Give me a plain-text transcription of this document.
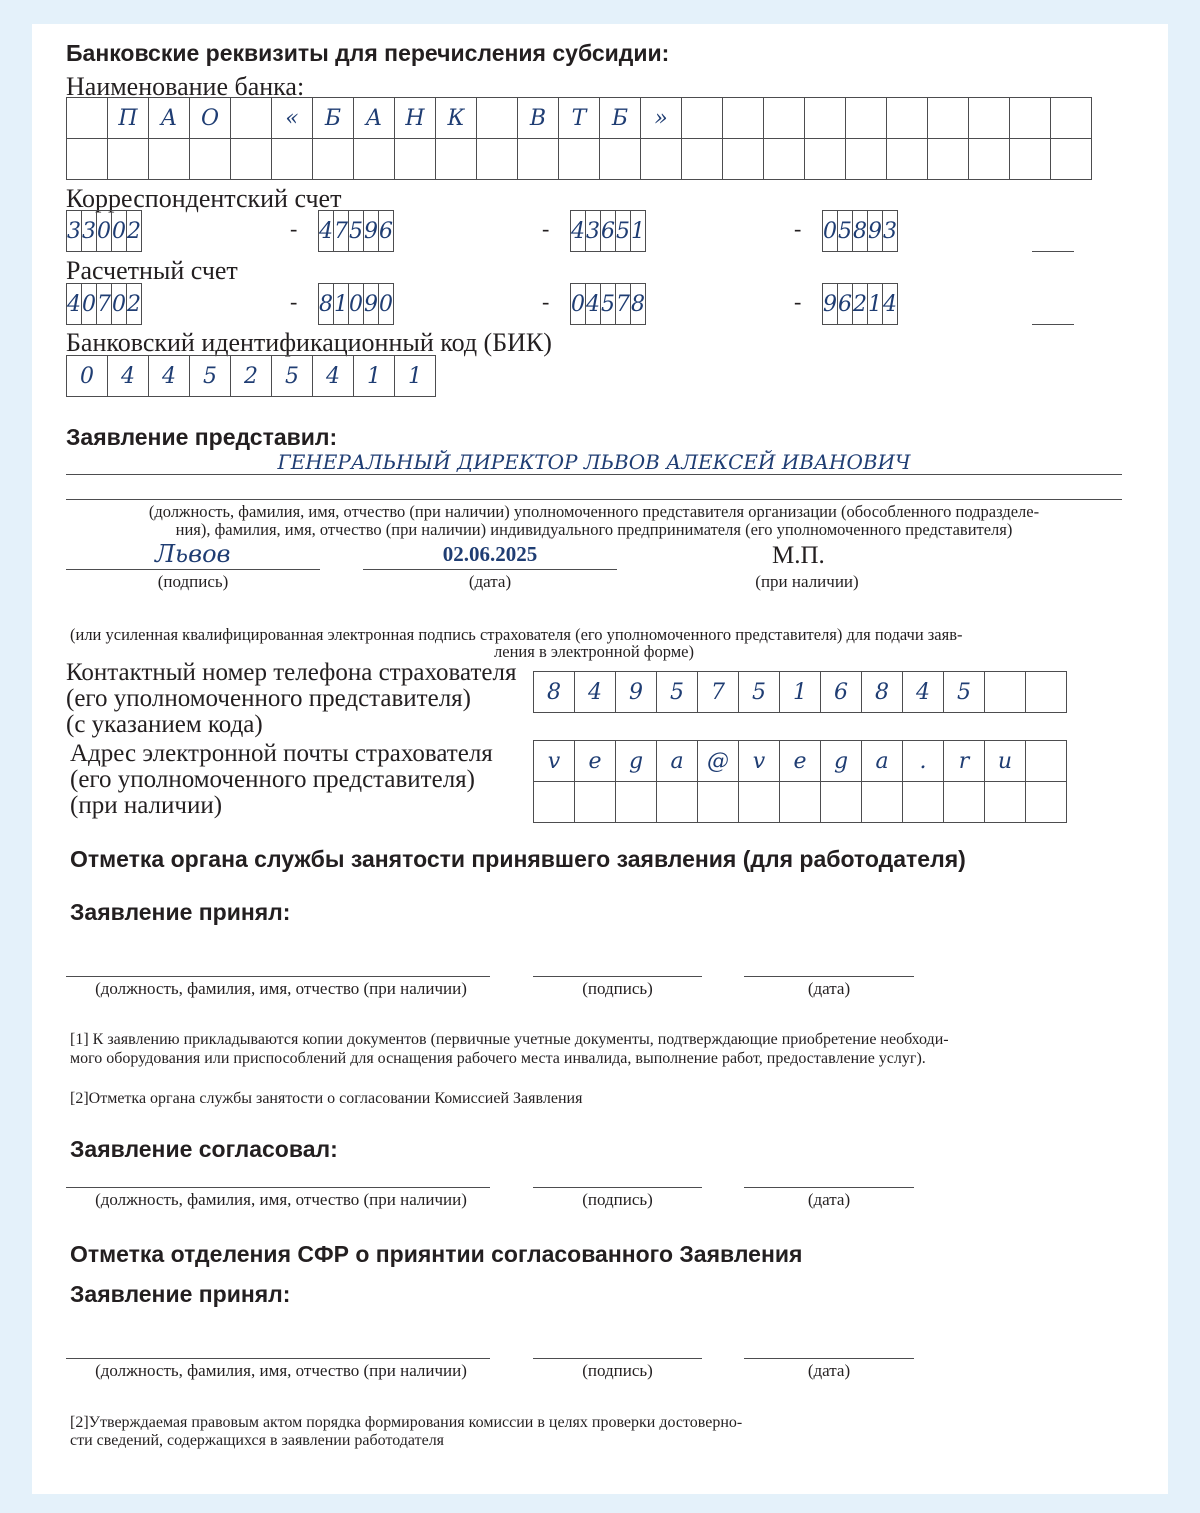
Банковские реквизиты для перечисления субсидии:
Наименование банка:
	П	А	О		«	Б	А	Н	К		В	Т	Б	»										

Корреспондентский счет
3	3	0	0	2	- 4	7	5	9	6	- 4	3	6	5	1	- 0	5	8	9	3
Расчетный счет
4	0	7	0	2	- 8	1	0	9	0	- 0	4	5	7	8	- 9	6	2	1	4
Банковский идентификационный код (БИК)
0	4	4	5	2	5	4	1	1
Заявление представил:
ГЕНЕРАЛЬНЫЙ ДИРЕКТОР ЛЬВОВ АЛЕКСЕЙ ИВАНОВИЧ
(должность, фамилия, имя, отчество (при наличии) уполномоченного представителя организации (обособленного подразделе-
ния), фамилия, имя, отчество (при наличии) индивидуального предпринимателя (его уполномоченного представителя)
Львов	02.06.2025	М.П.
(подпись)	(дата)	(при наличии)
(или усиленная квалифицированная электронная подпись страхователя (его уполномоченного представителя) для подачи заяв-
ления в электронной форме)
Контактный номер телефона страхователя
(его уполномоченного представителя)
(с указанием кода)
8	4	9	5	7	5	1	6	8	4	5		
Адрес электронной почты страхователя
(его уполномоченного представителя)
(при наличии)
v	e	g	a	@	v	e	g	a	.	r	u	

Отметка органа службы занятости принявшего заявления (для работодателя)
Заявление принял:
(должность, фамилия, имя, отчество (при наличии)	(подпись)	(дата)
[1] К заявлению прикладываются копии документов (первичные учетные документы, подтверждающие приобретение необходи-
мого оборудования или приспособлений для оснащения рабочего места инвалида, выполнение работ, предоставление услуг).
[2]Отметка органа службы занятости о согласовании Комиссией Заявления
Заявление согласовал:
(должность, фамилия, имя, отчество (при наличии)	(подпись)	(дата)
Отметка отделения СФР о приянтии согласованного Заявления
Заявление принял:
(должность, фамилия, имя, отчество (при наличии)	(подпись)	(дата)
[2]Утверждаемая правовым актом порядка формирования комиссии в целях проверки достоверно-
сти сведений, содержащихся в заявлении работодателя
